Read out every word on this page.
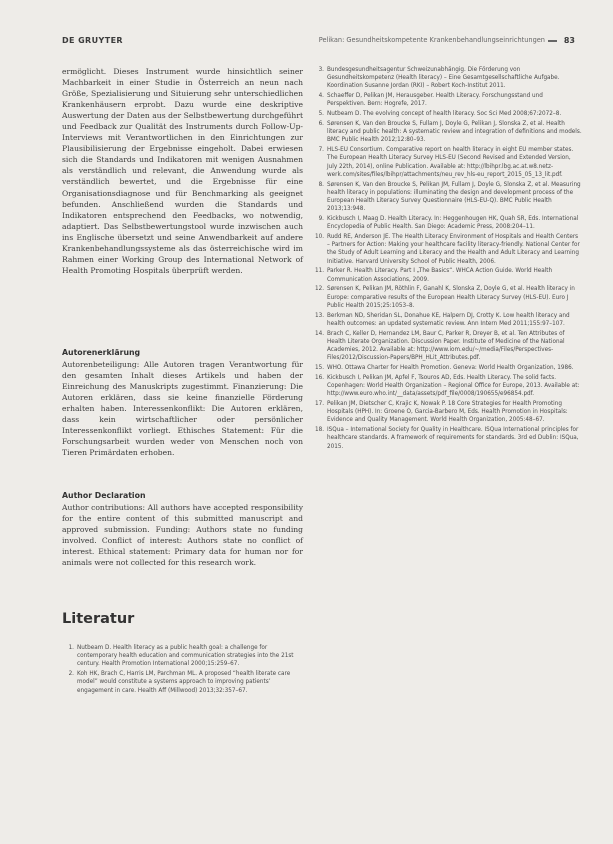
DE GRUYTER	Pelikan: Gesundheitskompetente Krankenbehandlungseinrichtungen 83

ermöglicht. Dieses Instrument wurde hinsichtlich seiner Machbarkeit in einer Studie in Österreich an neun nach Größe, Spezialisierung und Situierung sehr unterschiedlichen Krankenhäusern erprobt. Dazu wurde eine deskriptive Auswertung der Daten aus der Selbstbewertung durchgeführt und Feedback zur Qualität des Instruments durch Follow-Up-Interviews mit Verantwortlichen in den Einrichtungen zur Plausibilisierung der Ergebnisse eingeholt. Dabei erwiesen sich die Standards und Indikatoren mit wenigen Ausnahmen als verständlich und relevant, die Anwendung wurde als verständlich bewertet, und die Ergebnisse für eine Organisationsdiagnose und für Benchmarking als geeignet befunden. Anschließend wurden die Standards und Indikatoren entsprechend den Feedbacks, wo notwendig, adaptiert. Das Selbstbewertungstool wurde inzwischen auch ins Englische übersetzt und seine Anwendbarkeit auf andere Krankenbehandlungssysteme als das österreichische wird im Rahmen einer Working Group des International Network of Health Promoting Hospitals überprüft werden.

Autorenerklärung

Autorenbeteiligung: Alle Autoren tragen Verantwortung für den gesamten Inhalt dieses Artikels und haben der Einreichung des Manuskripts zugestimmt. Finanzierung: Die Autoren erklären, dass sie keine finanzielle Förderung erhalten haben. Interessenkonflikt: Die Autoren erklären, dass kein wirtschaftlicher oder persönlicher Interessenkonflikt vorliegt. Ethisches Statement: Für die Forschungsarbeit wurden weder von Menschen noch von Tieren Primärdaten erhoben.

Author Declaration

Author contributions: All authors have accepted responsibility for the entire content of this submitted manuscript and approved submission. Funding: Authors state no funding involved. Conflict of interest: Authors state no conflict of interest. Ethical statement: Primary data for human nor for animals were not collected for this research work.

Literatur
1. Nutbeam D. Health literacy as a public health goal: a challenge for contemporary health education and communication strategies into the 21st century. Health Promotion International 2000;15:259–67.
2. Koh HK, Brach C, Harris LM, Parchman ML. A proposed “health literate care model” would constitute a systems approach to improving patients’ engagement in care. Health Aff (Millwood) 2013;32:357–67.
3. Bundesgesundheitsagentur Schweizunabhängig. Die Förderung von Gesundheitskompetenz (Health literacy) – Eine Gesamtgesellschaftliche Aufgabe. Koordination Susanne Jordan (RKI) – Robert Koch-Institut 2011.
4. Schaeffer D, Pelikan JM, Herausgeber. Health Literacy. Forschungsstand und Perspektiven. Bern: Hogrefe, 2017.
5. Nutbeam D. The evolving concept of health literacy. Soc Sci Med 2008;67:2072–8.
6. Sørensen K, Van den Broucke S, Fullam J, Doyle G, Pelikan J, Slonska Z, et al. Health literacy and public health: A systematic review and integration of definitions and models. BMC Public Health 2012;12:80–93.
7. HLS-EU Consortium. Comparative report on health literacy in eight EU member states. The European Health Literacy Survey HLS-EU (Second Revised and Extended Version, July 22th, 2014), online Publication. Available at: http://lbihpr.lbg.ac.at.w8.netz-werk.com/sites/files/lbihpr/attachments/neu_rev_hls-eu_report_2015_05_13_lit.pdf.
8. Sørensen K, Van den Broucke S, Pelikan JM, Fullam J, Doyle G, Slonska Z, et al. Measuring health literacy in populations: illuminating the design and development process of the European Health Literacy Survey Questionnaire (HLS-EU-Q). BMC Public Health 2013;13:948.
9. Kickbusch I, Maag D. Health Literacy. In: Heggenhougen HK, Quah SR, Eds. International Encyclopedia of Public Health. San Diego: Academic Press, 2008:204–11.
10. Rudd RE, Anderson JE. The Health Literacy Environment of Hospitals and Health Centers – Partners for Action: Making your healthcare facility literacy-friendly. National Center for the Study of Adult Learning and Literacy and the Health and Adult Literacy and Learning Initiative. Harvard University School of Public Health, 2006.
11. Parker R. Health Literacy. Part I „The Basics“. WHCA Action Guide. World Health Communication Associations, 2009.
12. Sørensen K, Pelikan JM, Röthlin F, Ganahl K, Slonska Z, Doyle G, et al. Health literacy in Europe: comparative results of the European Health Literacy Survey (HLS-EU). Euro J Public Health 2015;25:1053–8.
13. Berkman ND, Sheridan SL, Donahue KE, Halpern DJ, Crotty K. Low health literacy and health outcomes: an updated systematic review. Ann Intern Med 2011;155:97–107.
14. Brach C, Keller D, Hernandez LM, Baur C, Parker R, Dreyer B, et al. Ten Attributes of Health Literate Organization. Discussion Paper. Institute of Medicine of the National Academies, 2012. Available at: http://www.iom.edu/~/media/Files/Perspectives-Files/2012/Discussion-Papers/BPH_HLit_Attributes.pdf.
15. WHO. Ottawa Charter for Health Promotion. Geneva: World Health Organization, 1986.
16. Kickbusch I, Pelikan JM, Apfel F, Tsouros AD, Eds. Health Literacy. The solid facts. Copenhagen: World Health Organization – Regional Office for Europe, 2013. Available at: http://www.euro.who.int/__data/assets/pdf_file/0008/190655/e96854.pdf.
17. Pelikan JM, Dietscher C, Krajic K, Nowak P. 18 Core Strategies for Health Promoting Hospitals (HPH). In: Groene O, Garcia-Barbero M, Eds. Health Promotion in Hospitals: Evidence and Quality Management. World Health Organization, 2005:48–67.
18. ISQua – International Society for Quality in Healthcare. ISQua International principles for healthcare standards. A framework of requirements for standards. 3rd ed Dublin: ISQua, 2015.
